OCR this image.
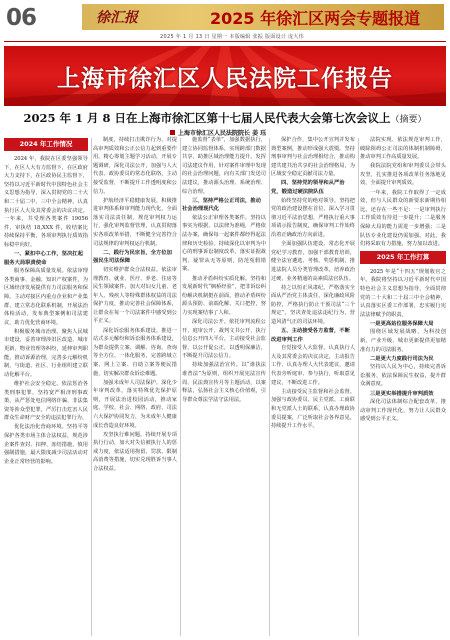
06	徐汇报	2025 年徐汇区两会专题报道
2025 年 1 月 13 日 星期一 本版编辑 张振 版面设计 庞大伟
上海市徐汇区人民法院工作报告
2025 年 1 月 8 日在上海市徐汇区第十七届人民代表大会第七次会议上（摘要）
上海市徐汇区人民法院院长 姜 珏
2024 年工作情况
2024 年，我院在区委坚强领导下，在区人大有力监督下，在区政府大力支持下，在区政协民主监督下，坚持以习近平新时代中国特色社会主义思想为指导，深入贯彻党的二十大和二十届二中、三中全会精神，认真执行区人大及其常委会的决议决定。一年来，共受理各类案件 19056 件，审执结 18,XXX 件，收结案比持续保持平衡，各项审判执行质效指标稳中向好。
一、紧扣中心工作，坚决扛起服务大局职责使命
服务保障高质量发展。依法审理各类商事、金融、知识产权案件，为区域经济发展提供有力司法服务和保障。主动对接区内重点企业和产业集群，建立常态化联系机制，开展法治体检活动，发布典型案例和司法建议，助力优化营商环境。
积极服务城市治理。聚焦人民城市建设，妥善审理涉旧区改造、城市更新、物业管理等纠纷，延伸审判职能，推动诉源治理，完善多元解纷机制，与街道、社区、行业组织建立联动化解平台。
维护社会安全稳定。依法惩治各类刑事犯罪，坚持宽严相济刑事政策，从严惩处电信网络诈骗、非法集资等涉众型犯罪，严厉打击危害人民群众生命财产安全的违法犯罪行为。
优化法治化营商环境。坚持平等保护各类市场主体合法权益，规范涉企案件查封、扣押、冻结措施，慎用强制措施，最大限度减少司法活动对企业正常经营的影响。
制度，持续打击欺诈行为，对提高审判质效和公正公信力起到重要作用。精心筹划主题学习活动，开展专题调研，深化司法公开，加强与人大代表、政协委员的常态化联络，主动接受监督，不断提升工作透明度和公信力。
护航经济平稳健康发展。积极推进审判体系和审判能力现代化，全面落实司法责任制，规范审判权力运行，强化审判监督管理，认真贯彻落实各项改革举措，不断健全完善符合司法规律的审判权运行机制。
二、践行为民宗旨，全方位加强民生司法保障
切实维护群众合法权益。依法审理教育、就业、医疗、养老、住房等民生领域案件，加大对妇女儿童、老年人、残疾人等特殊群体权益的司法保护力度，推动完善社会保障体系，让群众在每一个司法案件中感受到公平正义。
深化诉讼服务体系建设。推进一站式多元解纷和诉讼服务体系建设，为群众提供立案、调解、咨询、查询等全方位、一体化服务，完善跨域立案、网上立案、自助立案等便民措施，切实解决群众诉讼难题。
加强未成年人司法保护。深化少年审判改革，落实特殊优先保护原则，开展法治进校园活动，推动家庭、学校、社会、网络、政府、司法六大保护协同发力，为未成年人健康成长营造良好环境。
攻坚执行难问题。持续开展专项执行行动，加大对失信被执行人的惩戒力度，依法适用拘留、罚款、限制高消费等措施，切实兑现胜诉当事人合法权益。
施监督“表单”，加强数据执行，建立协同监督体系，实现跨部门数据共享，助推区域治理能力提升。发挥司法建议作用，针对案件审理中发现的社会治理问题，向有关部门发送司法建议，推动源头治理、系统治理、综合治理。
三、坚持严格公正司法，推动社会治理现代化
依法公正审理各类案件。坚持以事实为根据、以法律为准绳，严格依法办案，确保每一起案件都经得起法律和历史检验。持续深化以审判为中心的刑事诉讼制度改革，落实证据裁判、疑罪从无等原则，防范冤假错案。
推动矛盾纠纷实质化解。坚持和发展新时代“枫桥经验”，把非诉讼纠纷解决机制挺在前面，推动矛盾纠纷源头预防、前端化解、关口把控，努力实现案结事了人和。
深化司法公开。依托审判流程公开、庭审公开、裁判文书公开、执行信息公开四大平台，主动接受社会监督，以公开促公正，以透明保廉洁，不断提升司法公信力。
持续加强法治宣传。以“谁执法谁普法”为原则，组织开展宪法宣传周、民法典宣传月等主题活动，以案释法，弘扬社会主义核心价值观，引导群众尊法学法守法用法。
保护合作，集中公开宣判并发布典型案例，推动形成强大震慑。坚持刑事审判与社会治理相结合，推动构建共建共治共享的社会治理格局，为区域安全稳定贡献司法力量。
四、坚持党的领导和从严治党，锻造过硬法院队伍
始终坚持党的绝对领导。坚持把党的政治建设摆在首位，深入学习贯彻习近平法治思想，严格执行重大事项请示报告制度，确保审判工作始终沿着正确政治方向前进。
全面加强队伍建设。常态化开展党纪学习教育，加强干部教育培训，健全法官遴选、考核、奖惩机制，推进法院人员分类管理改革，培养政治过硬、业务精通的高素质法官队伍。
持之以恒正风肃纪。严格落实全面从严治党主体责任，深化廉政风险防控，严格执行防止干预司法“三个规定”，坚决查处违法违纪行为，营造风清气正的司法环境。
五、主动接受各方监督，不断改进审判工作
自觉接受人大监督。认真执行人大及其常委会的决议决定，主动报告工作，认真办理人大代表建议，邀请代表旁听庭审、参与执行，听取意见建议，不断改进工作。
主动接受民主监督和社会监督。加强与政协委员、民主党派、工商联和无党派人士的联系，认真办理政协委员提案，广泛听取社会各界意见，持续提升工作水平。
法院实现、依法规范审判工作，破除阻碍公正司法的体制机制障碍，推动审判工作高质量发展。
我院法院党组和审判委员会带头攻坚，扎实推进各项改革任务落地见效，全面提升审判质效。
一年来，我院工作取得了一定成效，但与人民群众的新要求新期待相比，还存在一些不足：一是审判执行工作质效有待进一步提升；二是服务保障大局的能力需进一步增强；三是队伍专业化建设仍需加强。对此，我们将采取有力措施，努力加以改进。
2025 年工作打算
2025 年是“十四五”规划收官之年。我院将坚持以习近平新时代中国特色社会主义思想为指导，全面贯彻党的二十大和二十届三中全会精神，认真落实区委工作部署，忠实履行宪法法律赋予的职责。
一是更高站位服务保障大局
围绕区域发展战略，为科技创新、产业升级、城市更新提供更加精准有力的司法服务。
二是更大力度践行司法为民
坚持以人民为中心，持续完善诉讼服务，依法保障民生权益，提升群众满意度。
三是更实举措提升审判质效
深化司法体制综合配套改革，推动审判工作现代化，努力让人民群众感受到公平正义。
